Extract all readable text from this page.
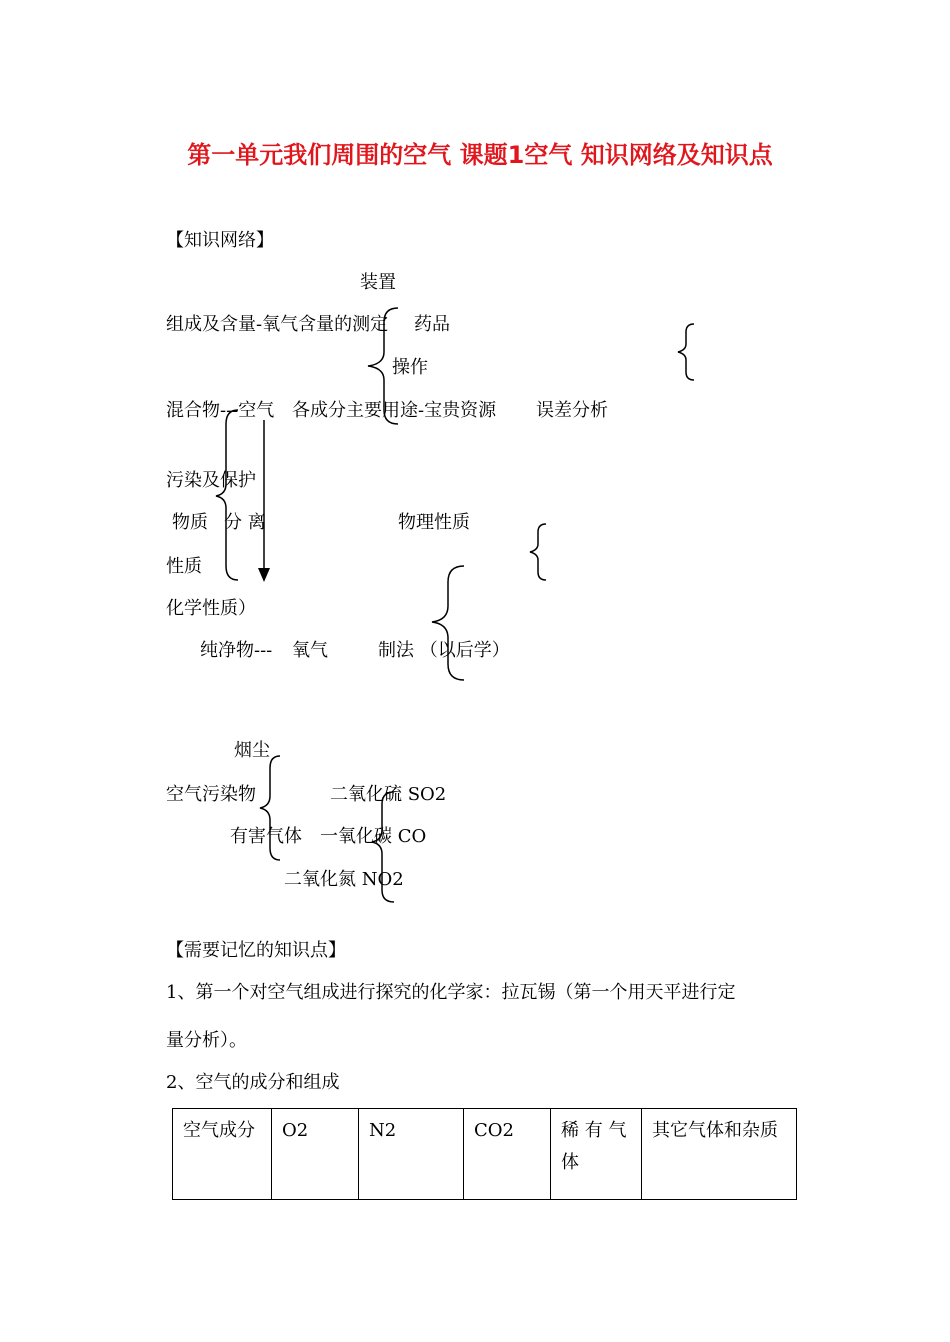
第一单元我们周围的空气 课题1空气 知识网络及知识点
【知识网络】
装置
组成及含量-氧气含量的测定 药品
操作
混合物---空气 各成分主要用途-宝贵资源 误差分析
污染及保护
物质 分 离	物理性质
性质
化学性质）
纯净物--- 氧气	制法 （以后学）
烟尘
空气污染物	二氧化硫 SO2
有害气体 一氧化碳 CO
二氧化氮 NO2
【需要记忆的知识点】
1、第一个对空气组成进行探究的化学家：拉瓦锡（第一个用天平进行定
量分析）。
2、空气的成分和组成
空气成分	O2	N2	CO2	稀 有 气 体	其它气体和杂质
